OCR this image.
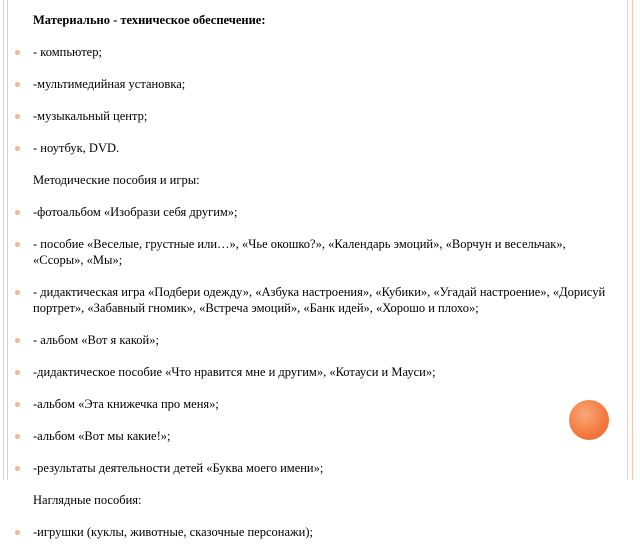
Материально - техническое обеспечение:
- компьютер;
-мультимедийная установка;
-музыкальный центр;
- ноутбук, DVD.
Методические пособия и игры:
-фотоальбом «Изобрази себя другим»;
- пособие «Веселые, грустные или…», «Чье окошко?», «Календарь эмоций», «Ворчун и весельчак», «Ссоры», «Мы»;
- дидактическая игра «Подбери одежду», «Азбука настроения», «Кубики», «Угадай настроение», «Дорисуй портрет», «Забавный гномик», «Встреча эмоций», «Банк идей», «Хорошо и плохо»;
- альбом «Вот я какой»;
-дидактическое пособие «Что нравится мне и другим», «Котауси и Мауси»;
-альбом «Эта книжечка про меня»;
-альбом «Вот мы какие!»;
-результаты деятельности детей «Буква моего имени»;
Наглядные пособия:
-игрушки (куклы, животные, сказочные персонажи);
